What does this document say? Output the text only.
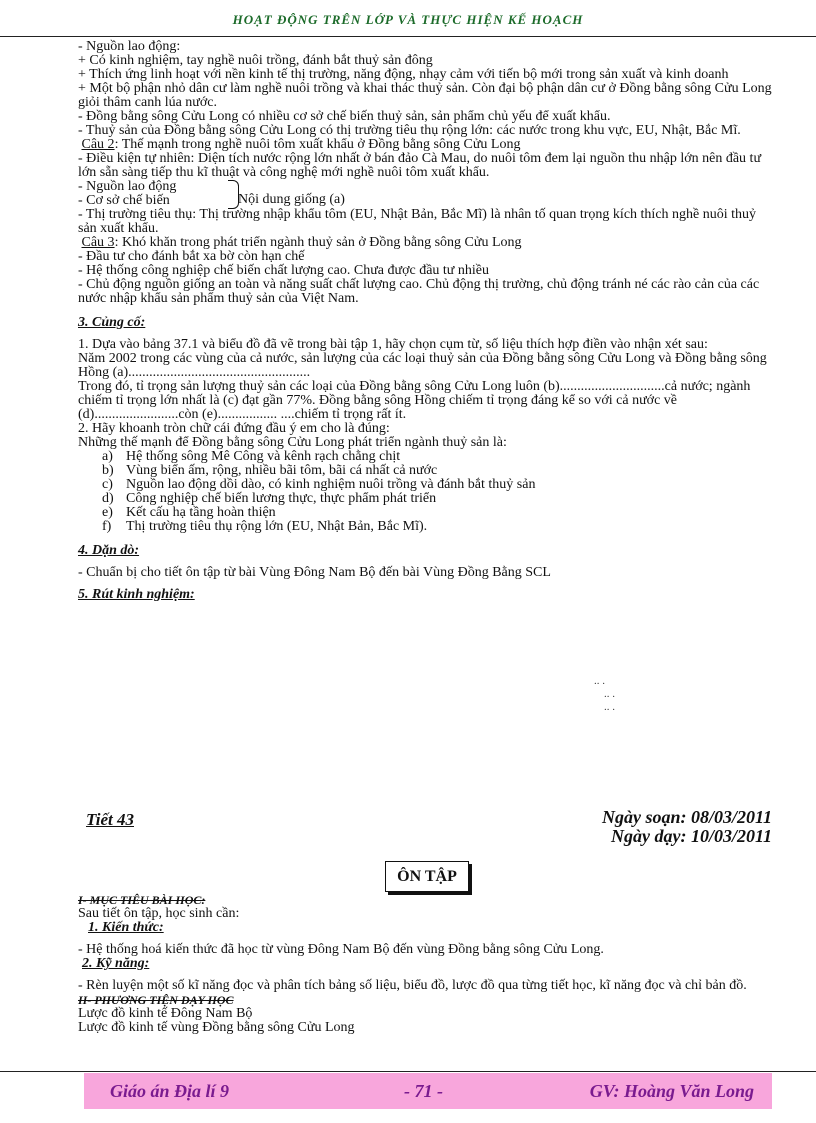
HOẠT ĐỘNG TRÊN LỚP VÀ THỰC HIỆN KẾ HOẠCH

- Nguồn lao động:

+ Có kinh nghiệm, tay nghề nuôi trồng, đánh bắt thuỷ sản đông

+ Thích ứng linh hoạt với nền kinh tế thị trường, năng động, nhạy cảm với tiến bộ mới trong sản xuất và kinh doanh

+ Một bộ phận nhỏ dân cư làm nghề nuôi trồng và khai thác thuỷ sản. Còn đại bộ phận dân cư ở Đồng bằng sông Cửu Long giỏi thâm canh lúa nước.

- Đồng bằng sông Cửu Long có nhiều cơ sở chế biến thuỷ sản, sản phẩm chủ yếu để xuất khẩu.

- Thuỷ sản của Đồng bằng sông Cửu Long có thị trường tiêu thụ rộng lớn: các nước trong khu vực, EU, Nhật, Bắc Mĩ.

Câu 2: Thế mạnh trong nghề nuôi tôm xuất khẩu ở Đồng bằng sông Cửu Long

- Điều kiện tự nhiên: Diện tích nước rộng lớn nhất ở bán đảo Cà Mau, do nuôi tôm đem lại nguồn thu nhập lớn nên đầu tư lớn sẵn sàng tiếp thu kĩ thuật và công nghệ mới nghề nuôi tôm xuất khẩu.

- Nguồn lao động

- Cơ sở chế biến	Nội dung giống (a)

- Thị trường tiêu thụ: Thị trường nhập khẩu tôm (EU, Nhật Bản, Bắc Mĩ) là nhân tố quan trọng kích thích nghề nuôi thuỷ sản xuất khẩu.

Câu 3: Khó khăn trong phát triển ngành thuỷ sản ở Đồng bằng sông Cửu Long

- Đầu tư cho đánh bắt xa bờ còn hạn chế

- Hệ thống công nghiệp chế biến chất lượng cao. Chưa được đầu tư nhiều

- Chủ động nguồn giống an toàn và năng suất chất lượng cao. Chủ động thị trường, chủ động tránh né các rào cản của các nước nhập khẩu sản phẩm thuỷ sản của Việt Nam.

3. Củng cố:

1. Dựa vào bảng 37.1 và biểu đồ đã vẽ trong bài tập 1, hãy chọn cụm từ, số liệu thích hợp điền vào nhận xét sau:

Năm 2002 trong các vùng của cả nước, sản lượng của các loại thuỷ sản của Đồng bằng sông Cửu Long và Đồng bằng sông Hồng (a)....................................................

Trong đó, tỉ trọng sản lượng thuỷ sản các loại của Đồng bằng sông Cửu Long luôn (b)..............................cả nước; ngành chiếm tỉ trọng lớn nhất là (c) đạt gần 77%. Đồng bằng sông Hồng chiếm tỉ trọng đáng kể so với cả nước về (d)........................còn (e)................. ....chiếm tỉ trọng rất ít.

2. Hãy khoanh tròn chữ cái đứng đầu ý em cho là đúng:

Những thế mạnh để Đồng bằng sông Cửu Long phát triển ngành thuỷ sản là:

a) Hệ thống sông Mê Công và kênh rạch chằng chịt

b) Vùng biển ấm, rộng, nhiều bãi tôm, bãi cá nhất cả nước

c) Nguồn lao động dồi dào, có kinh nghiệm nuôi trồng và đánh bắt thuỷ sản

d) Công nghiệp chế biến lương thực, thực phẩm phát triển

e) Kết cấu hạ tầng hoàn thiện

f) Thị trường tiêu thụ rộng lớn (EU, Nhật Bản, Bắc Mĩ).

4. Dặn dò:

- Chuẩn bị cho tiết ôn tập từ bài Vùng Đông Nam Bộ đến bài Vùng Đồng Bằng SCL

5. Rút kinh nghiệm:

.. .
.. .
.. .
Tiết 43	Ngày soạn: 08/03/2011
Ngày dạy: 10/03/2011
ÔN TẬP

I- MỤC TIÊU BÀI HỌC:

Sau tiết ôn tập, học sinh cần:

1. Kiến thức:

- Hệ thống hoá kiến thức đã học từ vùng Đông Nam Bộ đến vùng Đồng bằng sông Cửu Long.

2. Kỹ năng:

- Rèn luyện một số kĩ năng đọc và phân tích bảng số liệu, biểu đồ, lược đồ qua từng tiết học, kĩ năng đọc và chỉ bản đồ.

II- PHƯƠNG TIỆN DẠY HỌC

Lược đồ kinh tế Đông Nam Bộ

Lược đồ kinh tế vùng Đồng bằng sông Cửu Long

Giáo án Địa lí 9	- 71 -	GV: Hoàng Văn Long
